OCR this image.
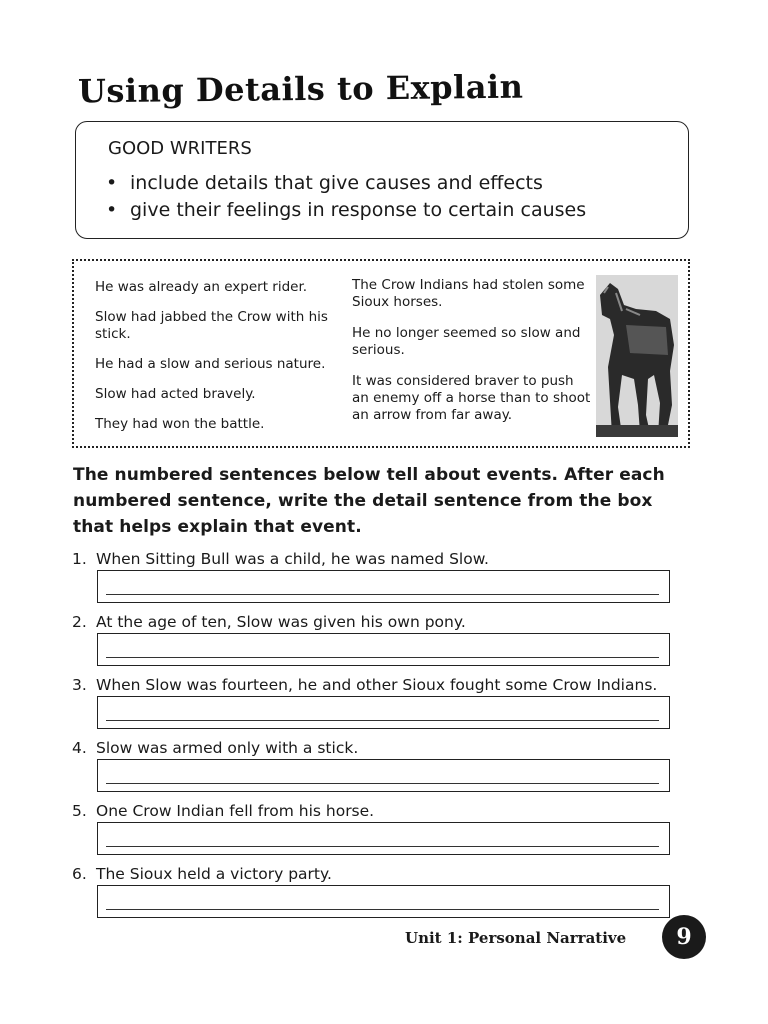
Using Details to Explain
GOOD WRITERS
• include details that give causes and effects
• give their feelings in response to certain causes

He was already an expert rider.

Slow had jabbed the Crow with his stick.

He had a slow and serious nature.

Slow had acted bravely.

They had won the battle.

The Crow Indians had stolen some Sioux horses.

He no longer seemed so slow and serious.

It was considered braver to push an enemy off a horse than to shoot an arrow from far away.

The numbered sentences below tell about events. After each numbered sentence, write the detail sentence from the box that helps explain that event.
1. When Sitting Bull was a child, he was named Slow.
2. At the age of ten, Slow was given his own pony.
3. When Slow was fourteen, he and other Sioux fought some Crow Indians.
4. Slow was armed only with a stick.
5. One Crow Indian fell from his horse.
6. The Sioux held a victory party.
Unit 1: Personal Narrative	9
